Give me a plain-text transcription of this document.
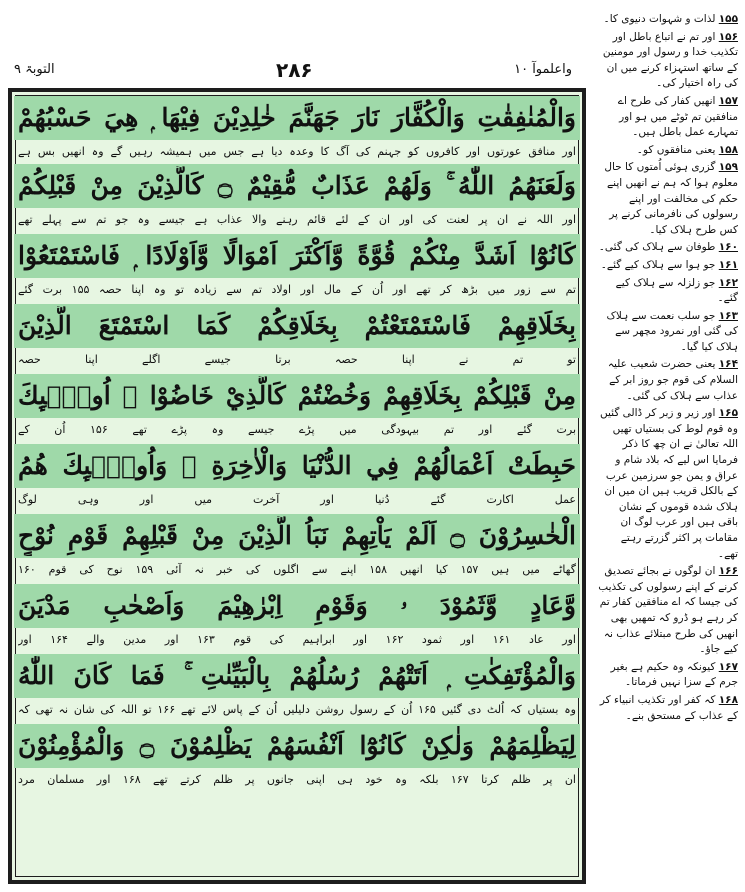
التوبۃ ۹	۲۸۶	واعلموآ ۱۰
وَالْمُنٰفِقٰتِ وَالْكُفَّارَ نَارَ جَهَنَّمَ خٰلِدِيْنَ فِيْهَا ۭ هِيَ حَسْبُهُمْ
اور منافق عورتوں اور کافروں کو جہنم کی آگ کا وعدہ دیا ہے جس میں ہمیشہ رہیں گے وہ انھیں بس ہے
وَلَعَنَهُمُ اللّٰهُ ۚ وَلَهُمْ عَذَابٌ مُّقِيْمٌ ۝ كَالَّذِيْنَ مِنْ قَبْلِكُمْ
اور اللہ نے ان پر لعنت کی اور ان کے لئے قائم رہنے والا عذاب ہے جیسے وہ جو تم سے پہلے تھے
كَانُوْٓا اَشَدَّ مِنْكُمْ قُوَّةً وَّاَكْثَرَ اَمْوَالًا وَّاَوْلَادًا ۭ فَاسْتَمْتَعُوْا
تم سے زور میں بڑھ کر تھے اور اُن کے مال اور اولاد تم سے زیادہ تو وہ اپنا حصہ ۱۵۵ برت گئے
بِخَلَاقِهِمْ فَاسْتَمْتَعْتُمْ بِخَلَاقِكُمْ كَمَا اسْتَمْتَعَ الَّذِيْنَ
تو تم نے اپنا حصہ برتا جیسے اگلے اپنا حصہ
مِنْ قَبْلِكُمْ بِخَلَاقِهِمْ وَخُضْتُمْ كَالَّذِيْ خَاضُوْا ۭ اُولٰۗىِٕكَ
برت گئے اور تم بیہودگی میں پڑے جیسے وہ پڑے تھے ۱۵۶ اُن کے
حَبِطَتْ اَعْمَالُهُمْ فِي الدُّنْيَا وَالْاٰخِرَةِ ۚ وَاُولٰۗىِٕكَ هُمُ
عمل اکارت گئے دُنیا اور آخرت میں اور وہی لوگ
الْخٰسِرُوْنَ ۝ اَلَمْ يَاْتِهِمْ نَبَاُ الَّذِيْنَ مِنْ قَبْلِهِمْ قَوْمِ نُوْحٍ
گھاٹے میں ہیں ۱۵۷ کیا انھیں ۱۵۸ اپنے سے اگلوں کی خبر نہ آئی ۱۵۹ نوح کی قوم ۱۶۰
وَّعَادٍ وَّثَمُوْدَ ۥ وَقَوْمِ اِبْرٰهِيْمَ وَاَصْحٰبِ مَدْيَنَ
اور عاد ۱۶۱ اور ثمود ۱۶۲ اور ابراہیم کی قوم ۱۶۳ اور مدین والے ۱۶۴ اور
وَالْمُؤْتَفِكٰتِ ۭ اَتَتْهُمْ رُسُلُهُمْ بِالْبَيِّنٰتِ ۚ فَمَا كَانَ اللّٰهُ
وہ بستیاں کہ اُلٹ دی گئیں ۱۶۵ اُن کے رسول روشن دلیلیں اُن کے پاس لائے تھے ۱۶۶ تو اللہ کی شان نہ تھی کہ
لِيَظْلِمَهُمْ وَلٰكِنْ كَانُوْٓا اَنْفُسَهُمْ يَظْلِمُوْنَ ۝ وَالْمُؤْمِنُوْنَ
ان پر ظلم کرتا ۱۶۷ بلکہ وہ خود ہی اپنی جانوں پر ظلم کرتے تھے ۱۶۸ اور مسلمان مرد
۱۵۵ لذات و شہوات دنیوی کا۔
۱۵۶ اور تم نے اتباع باطل اور تکذیب خدا و رسول اور مومنین کے ساتھ استہزاء کرنے میں ان کی راہ اختیار کی۔
۱۵۷ انھیں کفار کی طرح اے منافقین تم ٹوٹے میں ہو اور تمہارے عمل باطل ہیں۔
۱۵۸ یعنی منافقوں کو۔
۱۵۹ گزری ہوئی اُمتوں کا حال معلوم ہوا کہ ہم نے انھیں اپنے حکم کی مخالفت اور اپنے رسولوں کی نافرمانی کرنے پر کس طرح ہلاک کیا۔
۱۶۰ طوفان سے ہلاک کی گئی۔
۱۶۱ جو ہوا سے ہلاک کیے گئے۔
۱۶۲ جو زلزلہ سے ہلاک کیے گئے۔
۱۶۳ جو سلب نعمت سے ہلاک کی گئی اور نمرود مچھر سے ہلاک کیا گیا۔
۱۶۴ یعنی حضرت شعیب علیہ السلام کی قوم جو روز ابر کے عذاب سے ہلاک کی گئی۔
۱۶۵ اور زیر و زبر کر ڈالی گئیں وہ قوم لوط کی بستیاں تھیں اللہ تعالیٰ نے ان چھ کا ذکر فرمایا اس لیے کہ بلاد شام و عراق و یمن جو سرزمین عرب کے بالکل قریب ہیں ان میں ان ہلاک شدہ قوموں کے نشان باقی ہیں اور عرب لوگ ان مقامات پر اکثر گزرتے رہتے تھے۔
۱۶۶ ان لوگوں نے بجائے تصدیق کرنے کے اپنے رسولوں کی تکذیب کی جیسا کہ اے منافقین کفار تم کر رہے ہو ڈرو کہ تمھیں بھی انھیں کی طرح مبتلائے عذاب نہ کیے جاؤ۔
۱۶۷ کیونکہ وہ حکیم ہے بغیر جرم کے سزا نہیں فرماتا۔
۱۶۸ کہ کفر اور تکذیب انبیاء کر کے عذاب کے مستحق بنے۔
